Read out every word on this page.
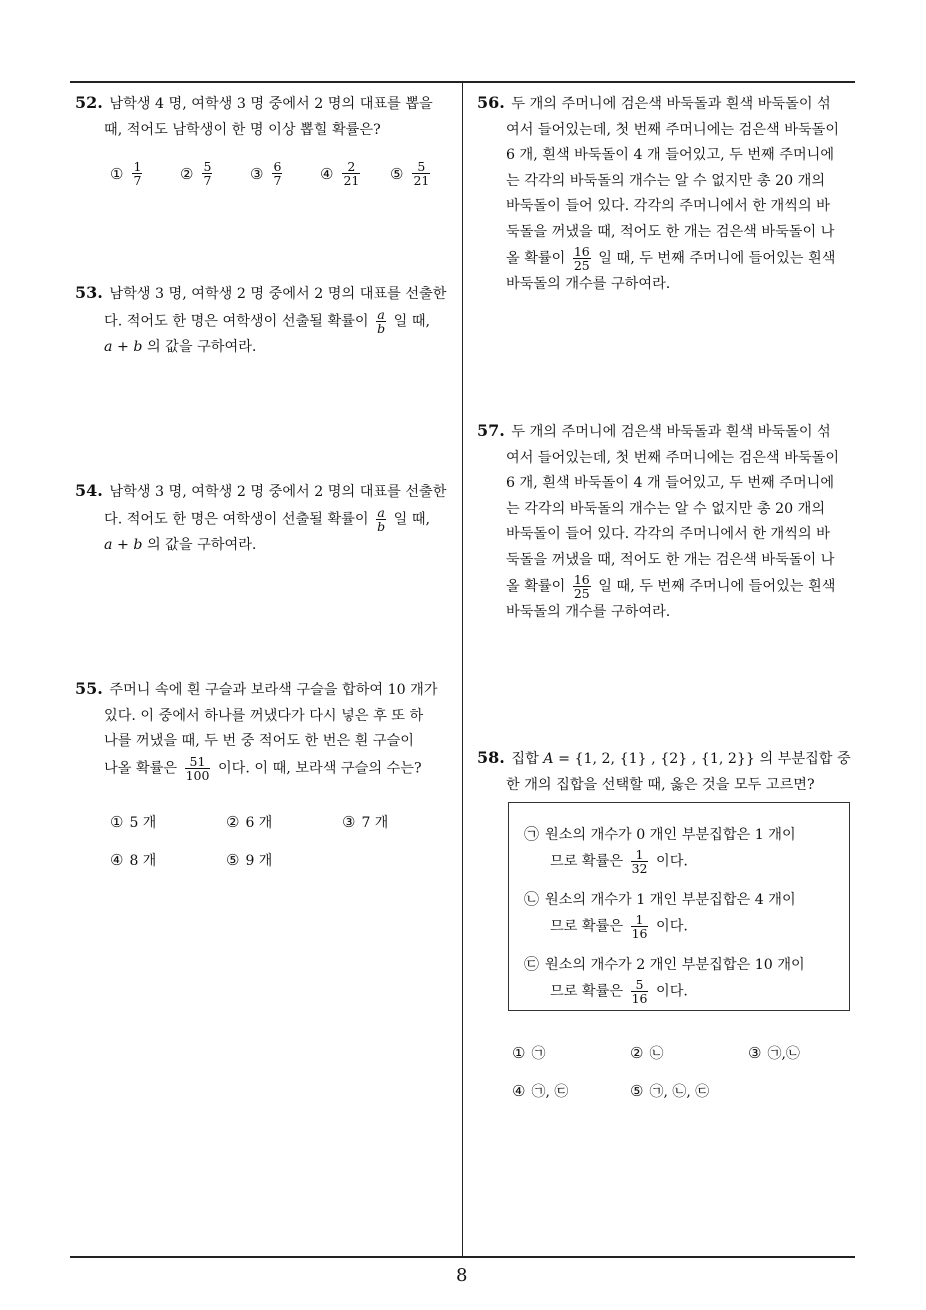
52. 남학생 4 명, 여학생 3 명 중에서 2 명의 대표를 뽑을
때, 적어도 남학생이 한 명 이상 뽑힐 확률은?
① $\frac{1}{7}$	② $\frac{5}{7}$	③ $\frac{6}{7}$	④ $\frac{2}{21}$ ⑤ $\frac{5}{21}$
53. 남학생 3 명, 여학생 2 명 중에서 2 명의 대표를 선출한
다. 적어도 한 명은 여학생이 선출될 확률이 $\frac{a}{b}$ 일 때,
a + b 의 값을 구하여라.
54. 남학생 3 명, 여학생 2 명 중에서 2 명의 대표를 선출한
다. 적어도 한 명은 여학생이 선출될 확률이 $\frac{a}{b}$ 일 때,
a + b 의 값을 구하여라.
55. 주머니 속에 흰 구슬과 보라색 구슬을 합하여 10 개가
있다. 이 중에서 하나를 꺼냈다가 다시 넣은 후 또 하
나를 꺼냈을 때, 두 번 중 적어도 한 번은 흰 구슬이
나올 확률은 $\frac{51}{100}$ 이다. 이 때, 보라색 구슬의 수는?
① 5 개	② 6 개	③ 7 개
④ 8 개	⑤ 9 개
56. 두 개의 주머니에 검은색 바둑돌과 흰색 바둑돌이 섞
여서 들어있는데, 첫 번째 주머니에는 검은색 바둑돌이
6 개, 흰색 바둑돌이 4 개 들어있고, 두 번째 주머니에
는 각각의 바둑돌의 개수는 알 수 없지만 총 20 개의
바둑돌이 들어 있다. 각각의 주머니에서 한 개씩의 바
둑돌을 꺼냈을 때, 적어도 한 개는 검은색 바둑돌이 나
올 확률이 $\frac{16}{25}$ 일 때, 두 번째 주머니에 들어있는 흰색
바둑돌의 개수를 구하여라.
57. 두 개의 주머니에 검은색 바둑돌과 흰색 바둑돌이 섞
여서 들어있는데, 첫 번째 주머니에는 검은색 바둑돌이
6 개, 흰색 바둑돌이 4 개 들어있고, 두 번째 주머니에
는 각각의 바둑돌의 개수는 알 수 없지만 총 20 개의
바둑돌이 들어 있다. 각각의 주머니에서 한 개씩의 바
둑돌을 꺼냈을 때, 적어도 한 개는 검은색 바둑돌이 나
올 확률이 $\frac{16}{25}$ 일 때, 두 번째 주머니에 들어있는 흰색
바둑돌의 개수를 구하여라.
58. 집합 A = {1, 2, {1} , {2} , {1, 2}} 의 부분집합 중
한 개의 집합을 선택할 때, 옳은 것을 모두 고르면?
㉠ 원소의 개수가 0 개인 부분집합은 1 개이
므로 확률은 $\frac{1}{32}$ 이다.
㉡ 원소의 개수가 1 개인 부분집합은 4 개이
므로 확률은 $\frac{1}{16}$ 이다.
㉢ 원소의 개수가 2 개인 부분집합은 10 개이
므로 확률은 $\frac{5}{16}$ 이다.
① ㉠	② ㉡	③ ㉠,㉡
④ ㉠, ㉢	⑤ ㉠, ㉡, ㉢
8
